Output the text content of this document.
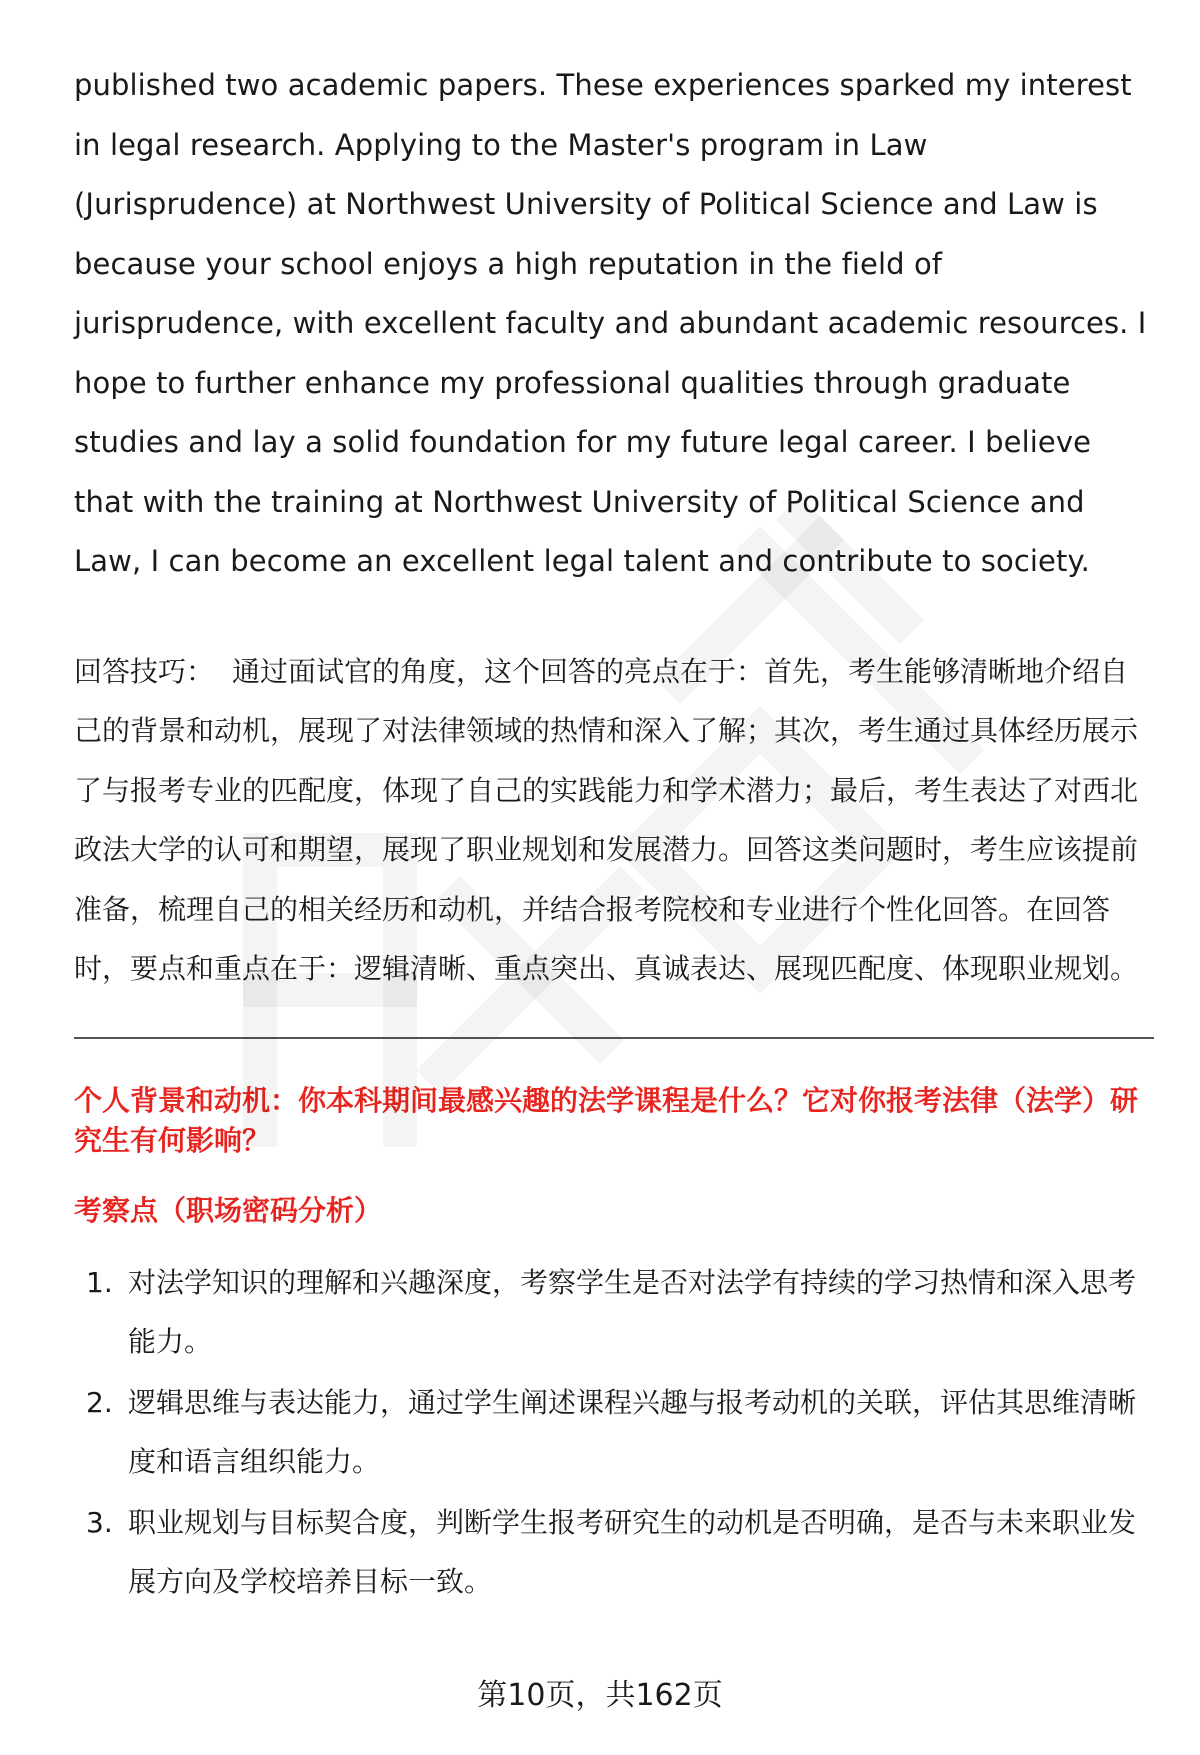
published two academic papers. These experiences sparked my interest in legal research. Applying to the Master's program in Law (Jurisprudence) at Northwest University of Political Science and Law is because your school enjoys a high reputation in the field of jurisprudence, with excellent faculty and abundant academic resources. I hope to further enhance my professional qualities through graduate studies and lay a solid foundation for my future legal career. I believe that with the training at Northwest University of Political Science and Law, I can become an excellent legal talent and contribute to society.

回答技巧： 通过面试官的角度，这个回答的亮点在于：首先，考生能够清晰地介绍自己的背景和动机，展现了对法律领域的热情和深入了解；其次，考生通过具体经历展示了与报考专业的匹配度，体现了自己的实践能力和学术潜力；最后，考生表达了对西北政法大学的认可和期望，展现了职业规划和发展潜力。回答这类问题时，考生应该提前准备，梳理自己的相关经历和动机，并结合报考院校和专业进行个性化回答。在回答时，要点和重点在于：逻辑清晰、重点突出、真诚表达、展现匹配度、体现职业规划。

个人背景和动机：你本科期间最感兴趣的法学课程是什么？它对你报考法律（法学）研究生有何影响？
考察点（职场密码分析）
1. 对法学知识的理解和兴趣深度，考察学生是否对法学有持续的学习热情和深入思考能力。
2. 逻辑思维与表达能力，通过学生阐述课程兴趣与报考动机的关联，评估其思维清晰度和语言组织能力。
3. 职业规划与目标契合度，判断学生报考研究生的动机是否明确，是否与未来职业发展方向及学校培养目标一致。
第10页，共162页
